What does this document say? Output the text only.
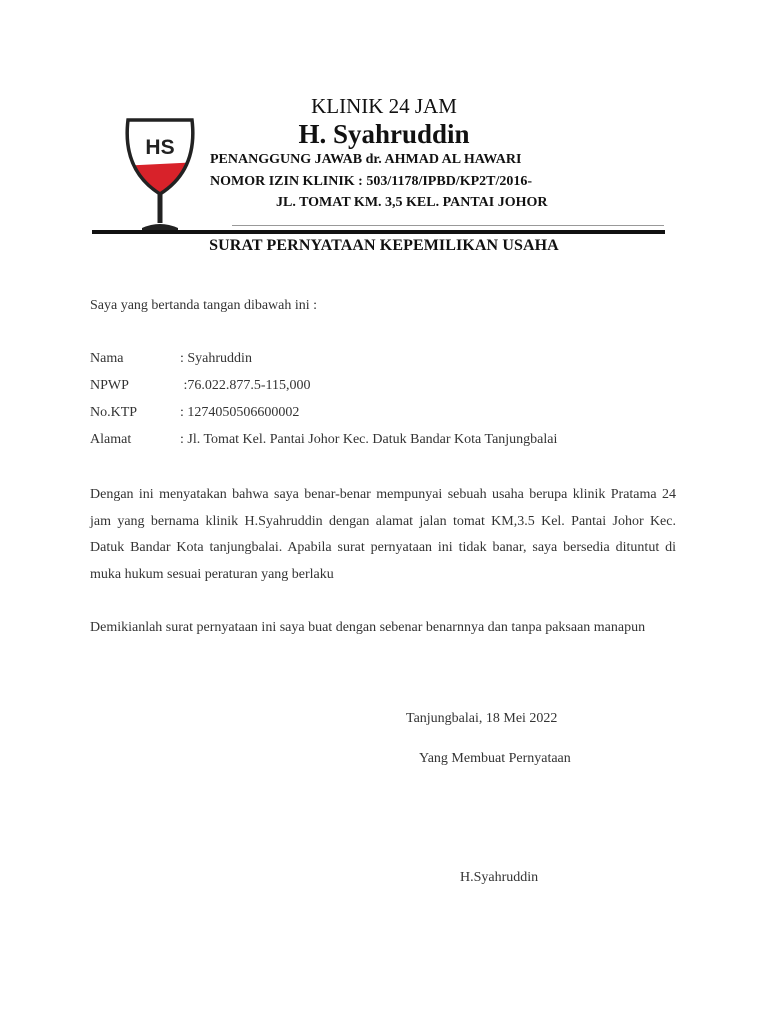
HS
KLINIK 24 JAM
H. Syahruddin
PENANGGUNG JAWAB dr. AHMAD AL HAWARI
NOMOR IZIN KLINIK : 503/1178/IPBD/KP2T/2016-
JL. TOMAT KM. 3,5 KEL. PANTAI JOHOR
SURAT PERNYATAAN KEPEMILIKAN USAHA
Saya yang bertanda tangan dibawah ini :
Nama	: Syahruddin
NPWP	:76.022.877.5-115,000
No.KTP	: 1274050506600002
Alamat	: Jl. Tomat Kel. Pantai Johor Kec. Datuk Bandar Kota Tanjungbalai
Dengan ini menyatakan bahwa saya benar-benar mempunyai sebuah usaha berupa klinik Pratama 24 jam yang bernama klinik H.Syahruddin dengan alamat jalan tomat KM,3.5 Kel. Pantai Johor Kec. Datuk Bandar Kota tanjungbalai. Apabila surat pernyataan ini tidak banar, saya bersedia dituntut di muka hukum sesuai peraturan yang berlaku
Demikianlah surat pernyataan ini saya buat dengan sebenar benarnnya dan tanpa paksaan manapun
Tanjungbalai, 18 Mei 2022
Yang Membuat Pernyataan
H.Syahruddin
